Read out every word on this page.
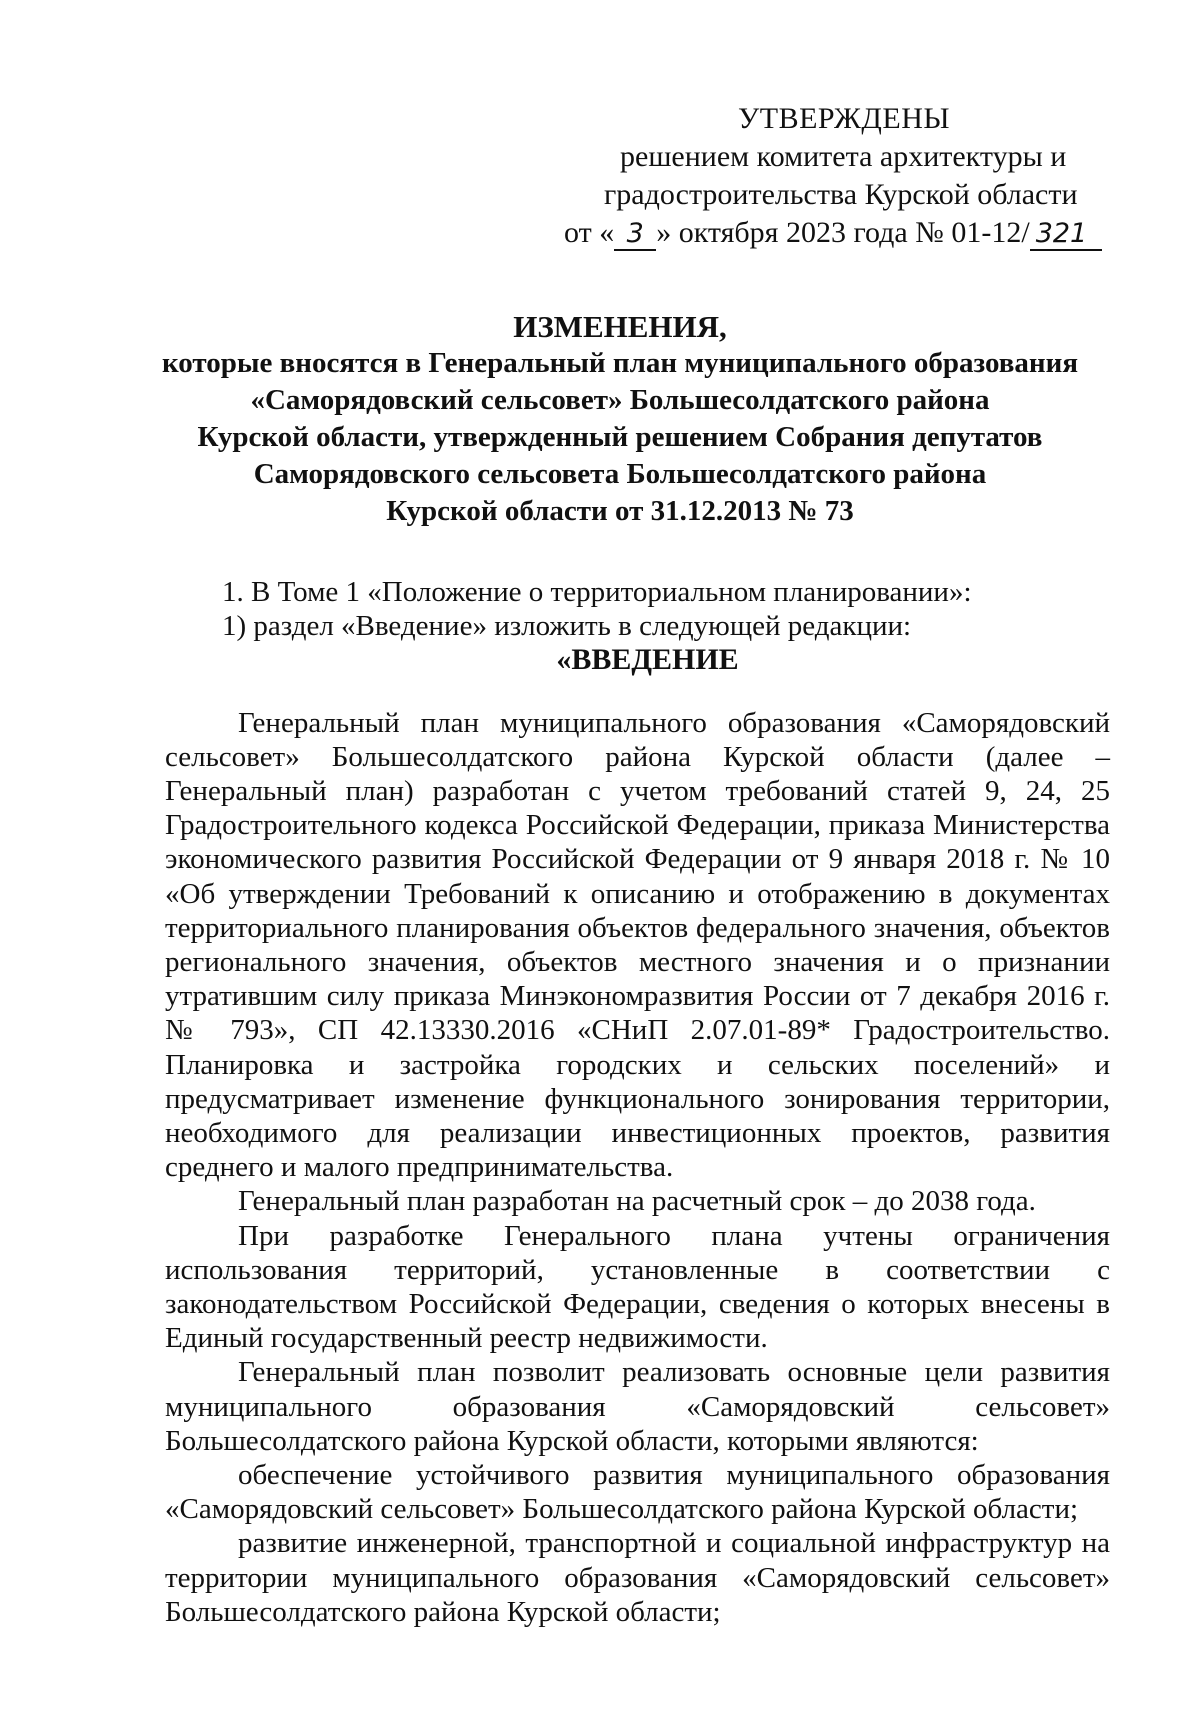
УТВЕРЖДЕНЫ
решением комитета архитектуры и
градостроительства Курской области
от « 3 » октября 2023 года № 01-12/ 321
ИЗМЕНЕНИЯ,
которые вносятся в Генеральный план муниципального образования
«Саморядовский сельсовет» Большесолдатского района
Курской области, утвержденный решением Собрания депутатов
Саморядовского сельсовета Большесолдатского района
Курской области от 31.12.2013 № 73

1. В Томе 1 «Положение о территориальном планировании»:

1) раздел «Введение» изложить в следующей редакции:

«ВВЕДЕНИЕ

Генеральный план муниципального образования «Саморядовский сельсовет» Большесолдатского района Курской области (далее – Генеральный план) разработан с учетом требований статей 9, 24, 25 Градостроительного кодекса Российской Федерации, приказа Министерства экономического развития Российской Федерации от 9 января 2018 г. № 10 «Об утверждении Требований к описанию и отображению в документах территориального планирования объектов федерального значения, объектов регионального значения, объектов местного значения и о признании утратившим силу приказа Минэкономразвития России от 7 декабря 2016 г. № 793», СП 42.13330.2016 «СНиП 2.07.01-89* Градостроительство. Планировка и застройка городских и сельских поселений» и предусматривает изменение функционального зонирования территории, необходимого для реализации инвестиционных проектов, развития среднего и малого предпринимательства.

Генеральный план разработан на расчетный срок – до 2038 года.

При разработке Генерального плана учтены ограничения использования территорий, установленные в соответствии с законодательством Российской Федерации, сведения о которых внесены в Единый государственный реестр недвижимости.

Генеральный план позволит реализовать основные цели развития муниципального образования «Саморядовский сельсовет» Большесолдатского района Курской области, которыми являются:

обеспечение устойчивого развития муниципального образования «Саморядовский сельсовет» Большесолдатского района Курской области;

развитие инженерной, транспортной и социальной инфраструктур на территории муниципального образования «Саморядовский сельсовет» Большесолдатского района Курской области;
